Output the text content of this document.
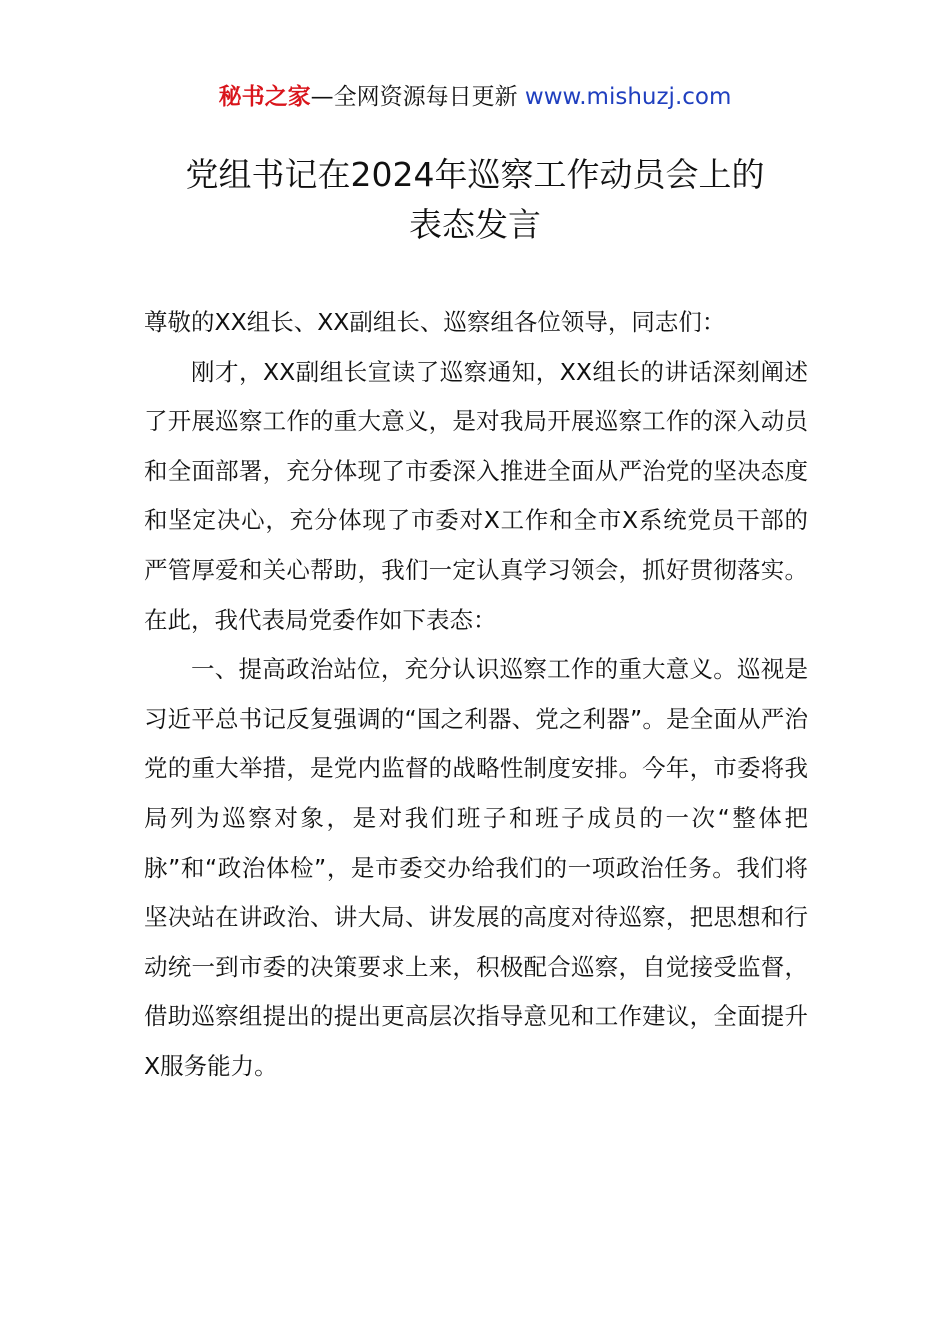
秘书之家—全网资源每日更新 www.mishuzj.com
党组书记在2024年巡察工作动员会上的
表态发言

尊敬的XX组长、XX副组长、巡察组各位领导，同志们：

刚才，XX副组长宣读了巡察通知，XX组长的讲话深刻阐述了开展巡察工作的重大意义，是对我局开展巡察工作的深入动员和全面部署，充分体现了市委深入推进全面从严治党的坚决态度和坚定决心，充分体现了市委对X工作和全市X系统党员干部的严管厚爱和关心帮助，我们一定认真学习领会，抓好贯彻落实。在此，我代表局党委作如下表态：

一、提高政治站位，充分认识巡察工作的重大意义。巡视是习近平总书记反复强调的“国之利器、党之利器”。是全面从严治党的重大举措，是党内监督的战略性制度安排。今年，市委将我局列为巡察对象，是对我们班子和班子成员的一次“整体把脉”和“政治体检”，是市委交办给我们的一项政治任务。我们将坚决站在讲政治、讲大局、讲发展的高度对待巡察，把思想和行动统一到市委的决策要求上来，积极配合巡察，自觉接受监督，借助巡察组提出的提出更高层次指导意见和工作建议，全面提升X服务能力。
